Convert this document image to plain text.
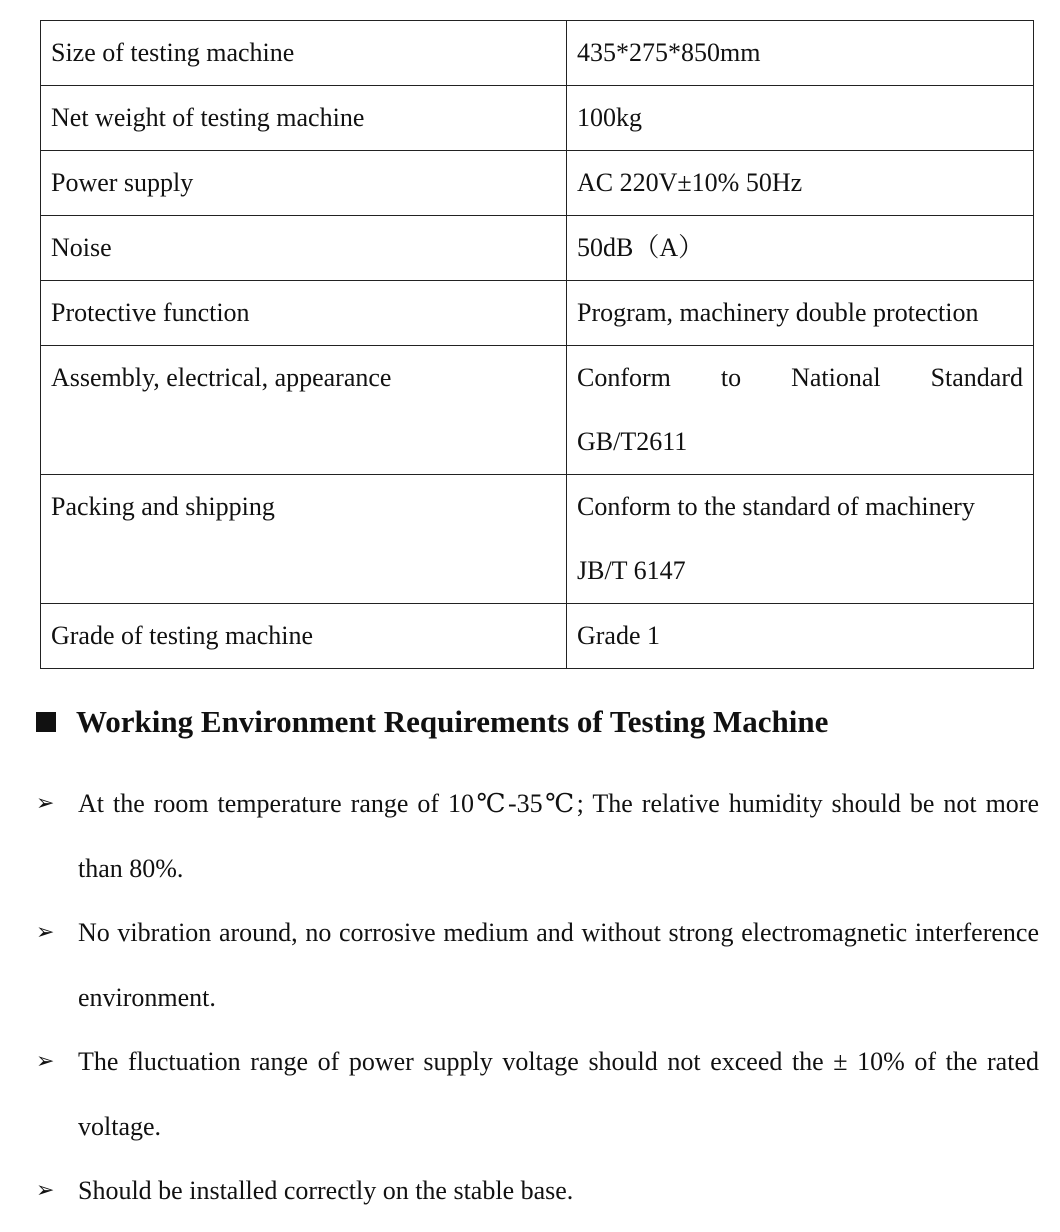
Size of testing machine	435*275*850mm
Net weight of testing machine	100kg
Power supply	AC 220V±10% 50Hz
Noise	50dB（A）
Protective function	Program, machinery double protection
Assembly, electrical, appearance	Conform to National Standard
GB/T2611

Packing and shipping	Conform to the standard of machinery
JB/T 6147

Grade of testing machine	Grade 1
Working Environment Requirements of Testing Machine
➢ At the room temperature range of 10℃-35℃; The relative humidity should be not more than 80%.
➢ No vibration around, no corrosive medium and without strong electromagnetic interference environment.
➢ The fluctuation range of power supply voltage should not exceed the ± 10% of the rated voltage.
➢ Should be installed correctly on the stable base.
